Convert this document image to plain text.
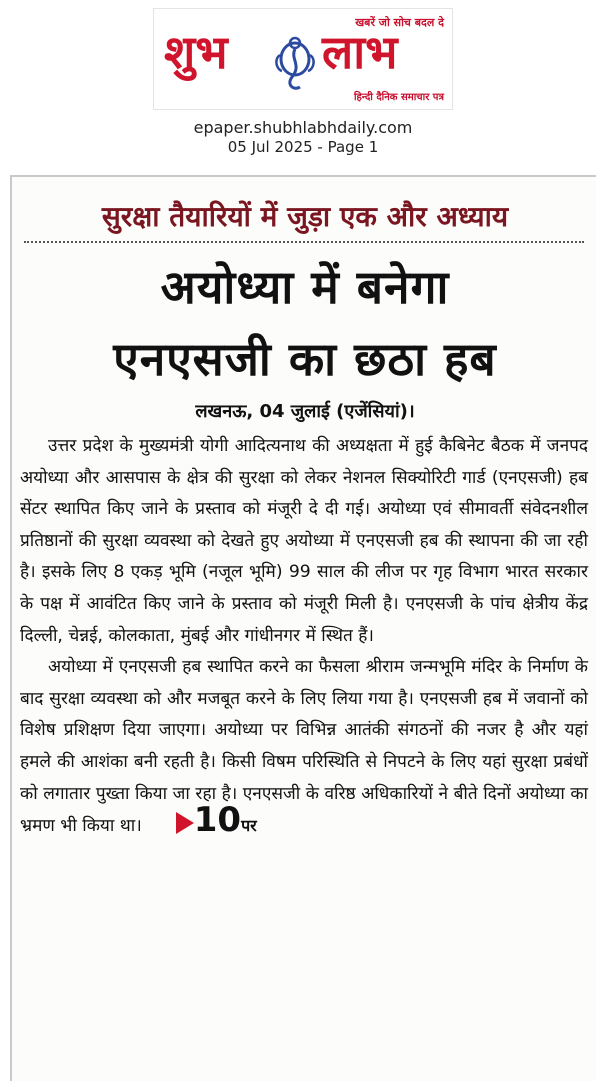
खबरें जो सोच बदल दे
शुभ लाभ
हिन्दी दैनिक समाचार पत्र
epaper.shubhlabhdaily.com
05 Jul 2025 - Page 1
सुरक्षा तैयारियों में जुड़ा एक और अध्याय
अयोध्या में बनेगा
एनएसजी का छठा हब
लखनऊ, 04 जुलाई (एजेंसियां)।

उत्तर प्रदेश के मुख्यमंत्री योगी आदित्यनाथ की अध्यक्षता में हुई कैबिनेट बैठक में जनपद अयोध्या और आसपास के क्षेत्र की सुरक्षा को लेकर नेशनल सिक्योरिटी गार्ड (एनएसजी) हब सेंटर स्थापित किए जाने के प्रस्ताव को मंजूरी दे दी गई। अयोध्या एवं सीमावर्ती संवेदनशील प्रतिष्ठानों की सुरक्षा व्यवस्था को देखते हुए अयोध्या में एनएसजी हब की स्थापना की जा रही है। इसके लिए 8 एकड़ भूमि (नजूल भूमि) 99 साल की लीज पर गृह विभाग भारत सरकार के पक्ष में आवंटित किए जाने के प्रस्ताव को मंजूरी मिली है। एनएसजी के पांच क्षेत्रीय केंद्र दिल्ली, चेन्नई, कोलकाता, मुंबई और गांधीनगर में स्थित हैं।

अयोध्या में एनएसजी हब स्थापित करने का फैसला श्रीराम जन्मभूमि मंदिर के निर्माण के बाद सुरक्षा व्यवस्था को और मजबूत करने के लिए लिया गया है। एनएसजी हब में जवानों को विशेष प्रशिक्षण दिया जाएगा। अयोध्या पर विभिन्न आतंकी संगठनों की नजर है और यहां हमले की आशंका बनी रहती है। किसी विषम परिस्थिति से निपटने के लिए यहां सुरक्षा प्रबंधों को लगातार पुख्ता किया जा रहा है। एनएसजी के वरिष्ठ अधिकारियों ने बीते दिनों अयोध्या का भ्रमण भी किया था। 10पर
